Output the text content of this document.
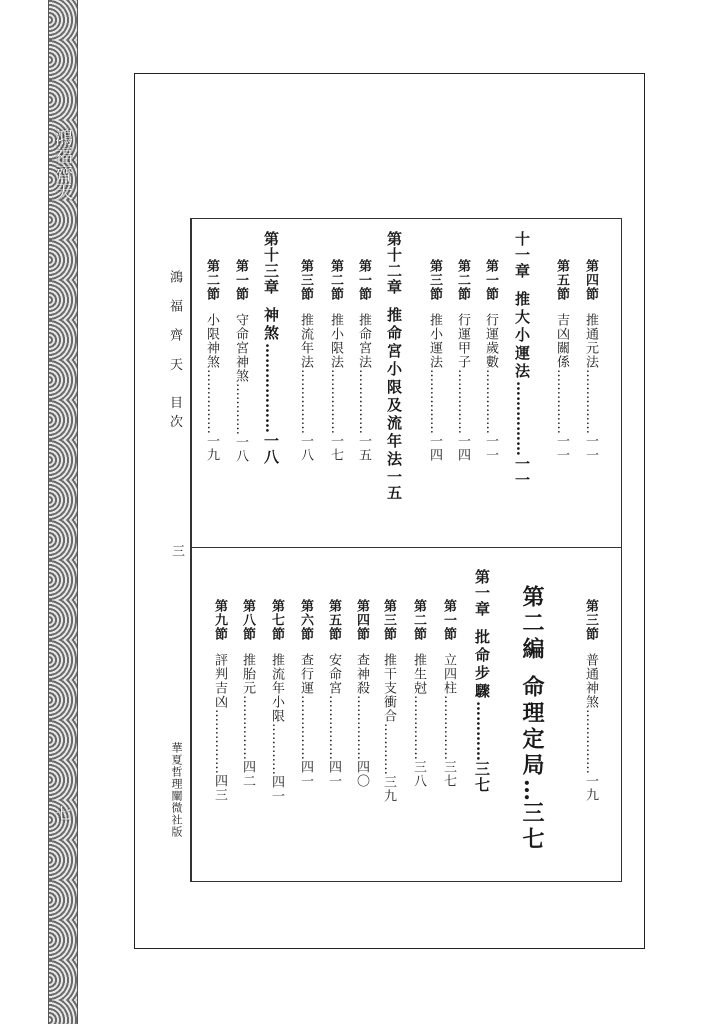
鴻福齊天
七
鴻 福 齊 天　目次
三
華夏哲理闡微社版
第四節推通元法……………一一
第五節吉凶關係……………一一
十一章推大小運法……………一一
第一節行運歲數……………一一
第二節行運甲子……………一四
第三節推小運法……………一四
第十二章推命宮小限及流年法一五
第一節推命宮法……………一五
第二節推小限法……………一七
第三節推流年法……………一八
第十三章神煞………………一八
第一節守命宮神煞…………一八
第二節小限神煞……………一九
第三節普通神煞……………一九
第二編命理定局…三七
第一章批命步驟…………三七
第一節立四柱……………三七
第二節推生尅……………三八
第三節推干支衝合…………三九
第四節查神殺……………四〇
第五節安命宮……………四一
第六節查行運……………四一
第七節推流年小限…………四一
第八節推胎元……………四二
第九節評判吉凶……………四三
